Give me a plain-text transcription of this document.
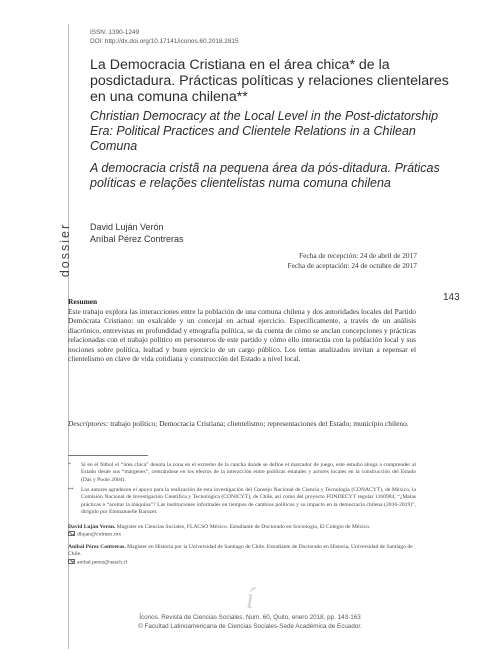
dossier
143
ISSN: 1390-1249
DOI: http://dx.doi.org/10.17141/iconos.60.2018.2815
La Democracia Cristiana en el área chica* de la posdictadura. Prácticas políticas y relaciones clientelares en una comuna chilena**
Christian Democracy at the Local Level in the Post-dictatorship Era: Political Practices and Clientele Relations in a Chilean Comuna
A democracia cristã na pequena área da pós-ditadura. Práticas políticas e relações clientelistas numa comuna chilena
David Luján Verón
Aníbal Pérez Contreras
Fecha de recepción: 24 de abril de 2017
Fecha de aceptación: 24 de octubre de 2017
Resumen
Este trabajo explora las interacciones entre la población de una comuna chilena y dos autoridades locales del Partido Demócrata Cristiano: un exalcalde y un concejal en actual ejercicio. Específicamente, a través de un análisis diacrónico, entrevistas en profundidad y etnografía política, se da cuenta de cómo se anclan concepciones y prácticas relacionadas con el trabajo político en personeros de este partido y cómo ello interactúa con la población local y sus nociones sobre política, lealtad y buen ejercicio de un cargo público. Los temas analizados invitan a repensar el clientelismo en clave de vida cotidiana y construcción del Estado a nivel local.
Descriptores: trabajo político; Democracia Cristiana; clientelismo; representaciones del Estado; municipio chileno.
* Si en el fútbol el “área chica” denota la zona en el extremo de la cancha donde se define el marcador de juego, este estudio aboga a comprender al Estado desde sus “márgenes”, centrándose en los efectos de la interacción entre políticas estatales y actores locales en la construcción del Estado (Das y Poole 2004).
** Los autores agradecen el apoyo para la realización de esta investigación del Consejo Nacional de Ciencia y Tecnología (CONACYT), de México, la Comisión Nacional de Investigación Científica y Tecnológica (CONICYT), de Chile, así como del proyecto FONDECYT regular 1160984, “¿Malas prácticas o “aceitar la máquina”? Las instituciones informales en tiempos de cambios políticos y su impacto en la democracia chilena (2016-2019)”, dirigido por Emmanuelle Barozet.
David Luján Verón. Magíster en Ciencias Sociales, FLACSO México. Estudiante de Doctorado en Sociología, El Colegio de México.
dlujan@colmex.mx
Aníbal Pérez Contreras. Magíster en Historia por la Universidad de Santiago de Chile. Estudiante de Doctorado en Historia, Universidad de Santiago de Chile.
anibal.perez@usach.cl
í
Íconos. Revista de Ciencias Sociales. Num. 60, Quito, enero 2018, pp. 143-163
© Facultad Latinoamericana de Ciencias Sociales-Sede Académica de Ecuador.
